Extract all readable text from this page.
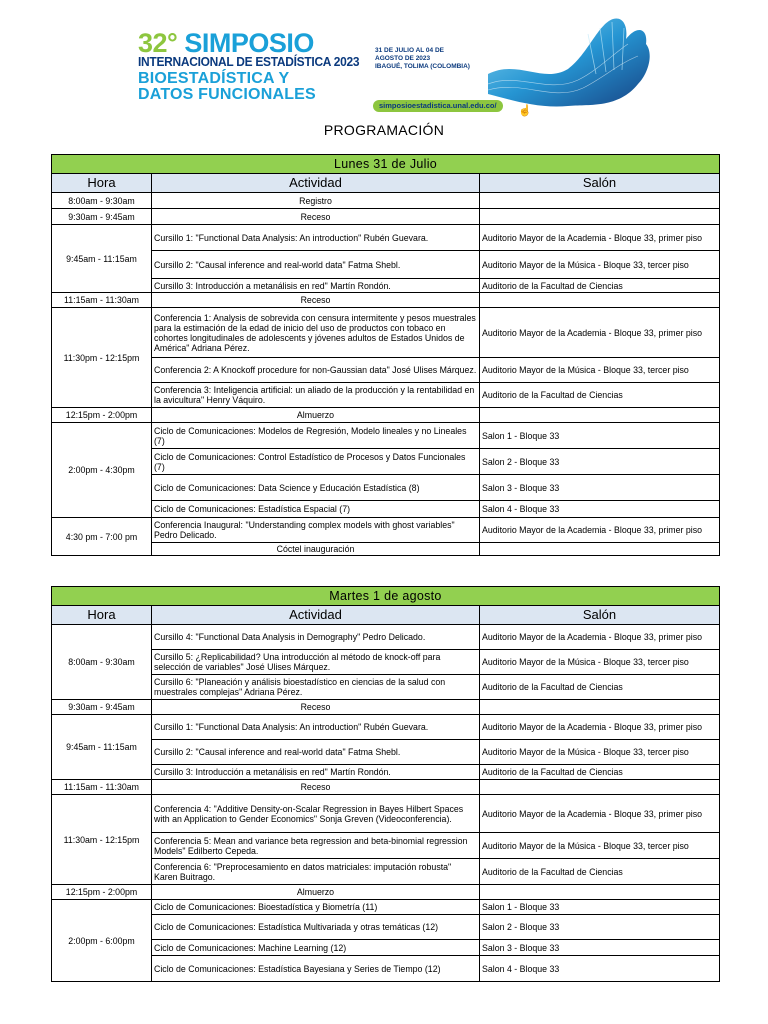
32° SIMPOSIO
INTERNACIONAL DE ESTADÍSTICA 2023
BIOESTADÍSTICA Y
DATOS FUNCIONALES
31 DE JULIO AL 04 DE
AGOSTO DE 2023
IBAGUÉ, TOLIMA (COLOMBIA)
simposioestadistica.unal.edu.co/	☝
PROGRAMACIÓN
Lunes 31 de Julio		
Hora	Actividad	Salón
8:00am - 9:30am	Registro	
9:30am - 9:45am	Receso	
9:45am - 11:15am	Cursillo 1: "Functional Data Analysis: An introduction" Rubén Guevara.	Auditorio Mayor de la Academia - Bloque 33, primer piso
	Cursillo 2: "Causal inference and real-world data" Fatma Shebl.	Auditorio Mayor de la Música - Bloque 33, tercer piso
	Cursillo 3: Introducción a metanálisis en red" Martín Rondón.	Auditorio de la Facultad de Ciencias
11:15am - 11:30am	Receso	
11:30pm - 12:15pm	Conferencia 1: Analysis de sobrevida con censura intermitente y pesos muestrales para la estimación de la edad de inicio del uso de productos con tobaco en cohortes longitudinales de adolescents y jóvenes adultos de Estados Unidos de América" Adriana Pérez.	Auditorio Mayor de la Academia - Bloque 33, primer piso
	Conferencia 2: A Knockoff procedure for non-Gaussian data" José Ulises Márquez.	Auditorio Mayor de la Música - Bloque 33, tercer piso
	Conferencia 3: Inteligencia artificial: un aliado de la producción y la rentabilidad en la avicultura" Henry Váquiro.	Auditorio de la Facultad de Ciencias
12:15pm - 2:00pm	Almuerzo	
2:00pm - 4:30pm	Ciclo de Comunicaciones: Modelos de Regresión, Modelo lineales y no Lineales (7)	Salon 1 - Bloque 33
	Ciclo de Comunicaciones: Control Estadístico de Procesos y Datos Funcionales (7)	Salon 2 - Bloque 33
	Ciclo de Comunicaciones: Data Science y Educación Estadística (8)	Salon 3 - Bloque 33
	Ciclo de Comunicaciones: Estadística Espacial (7)	Salon 4 - Bloque 33
4:30 pm - 7:00 pm	Conferencia Inaugural: "Understanding complex models with ghost variables" Pedro Delicado.	Auditorio Mayor de la Academia - Bloque 33, primer piso
	Cóctel inauguración	
Martes 1 de agosto		
Hora	Actividad	Salón
8:00am - 9:30am	Cursillo 4: "Functional Data Analysis in Demography" Pedro Delicado.	Auditorio Mayor de la Academia - Bloque 33, primer piso
	Cursillo 5: ¿Replicabilidad? Una introducción al método de knock-off para selección de variables" José Ulises Márquez.	Auditorio Mayor de la Música - Bloque 33, tercer piso
	Cursillo 6: "Planeación y análisis bioestadístico en ciencias de la salud con muestrales complejas" Adriana Pérez.	Auditorio de la Facultad de Ciencias
9:30am - 9:45am	Receso	
9:45am - 11:15am	Cursillo 1: "Functional Data Analysis: An introduction" Rubén Guevara.	Auditorio Mayor de la Academia - Bloque 33, primer piso
	Cursillo 2: "Causal inference and real-world data" Fatma Shebl.	Auditorio Mayor de la Música - Bloque 33, tercer piso
	Cursillo 3: Introducción a metanálisis en red" Martín Rondón.	Auditorio de la Facultad de Ciencias
11:15am - 11:30am	Receso	
11:30am - 12:15pm	Conferencia 4: "Additive Density-on-Scalar Regression in Bayes Hilbert Spaces with an Application to Gender Economics" Sonja Greven (Videoconferencia).	Auditorio Mayor de la Academia - Bloque 33, primer piso
	Conferencia 5: Mean and variance beta regression and beta-binomial regression Models" Edilberto Cepeda.	Auditorio Mayor de la Música - Bloque 33, tercer piso
	Conferencia 6: "Preprocesamiento en datos matriciales: imputación robusta" Karen Buitrago.	Auditorio de la Facultad de Ciencias
12:15pm - 2:00pm	Almuerzo	
2:00pm - 6:00pm	Ciclo de Comunicaciones: Bioestadística y Biometría (11)	Salon 1 - Bloque 33
	Ciclo de Comunicaciones: Estadística Multivariada y otras temáticas (12)	Salon 2 - Bloque 33
	Ciclo de Comunicaciones: Machine Learning (12)	Salon 3 - Bloque 33
	Ciclo de Comunicaciones: Estadística Bayesiana y Series de Tiempo (12)	Salon 4 - Bloque 33
